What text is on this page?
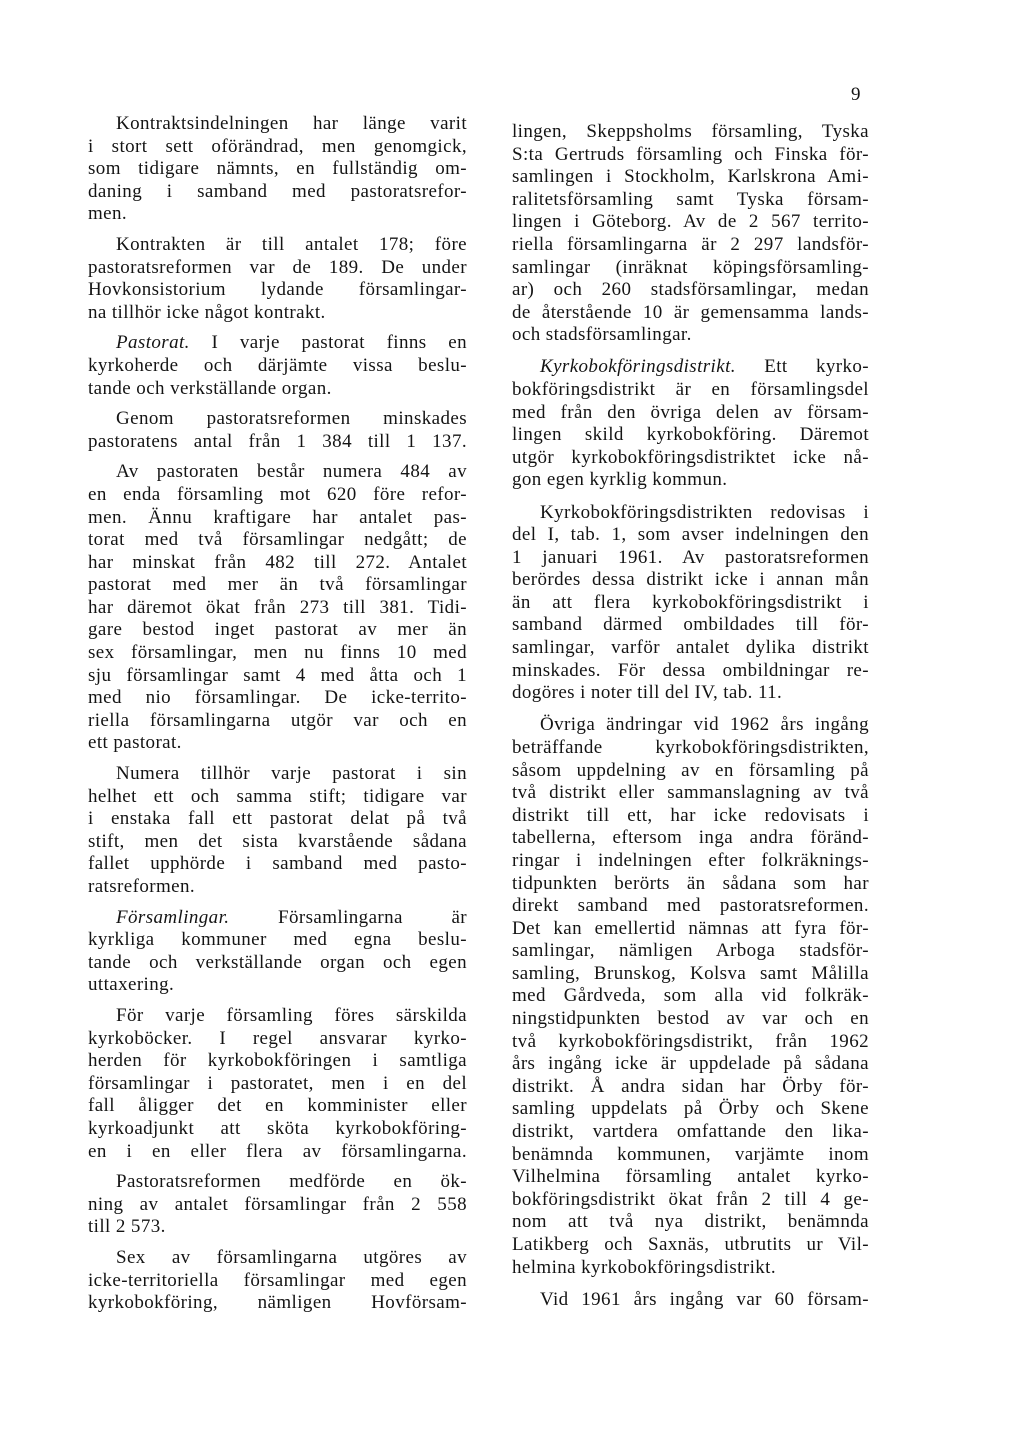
9
Kontraktsindelningen har länge varit
i stort sett oförändrad, men genomgick,
som tidigare nämnts, en fullständig om-
daning i samband med pastoratsrefor-
men.
Kontrakten är till antalet 178; före
pastoratsreformen var de 189. De under
Hovkonsistorium lydande församlingar-
na tillhör icke något kontrakt.
Pastorat. I varje pastorat finns en
kyrkoherde och därjämte vissa beslu-
tande och verkställande organ.
Genom pastoratsreformen minskades
pastoratens antal från 1 384 till 1 137.
Av pastoraten består numera 484 av
en enda församling mot 620 före refor-
men. Ännu kraftigare har antalet pas-
torat med två församlingar nedgått; de
har minskat från 482 till 272. Antalet
pastorat med mer än två församlingar
har däremot ökat från 273 till 381. Tidi-
gare bestod inget pastorat av mer än
sex församlingar, men nu finns 10 med
sju församlingar samt 4 med åtta och 1
med nio församlingar. De icke-territo-
riella församlingarna utgör var och en
ett pastorat.
Numera tillhör varje pastorat i sin
helhet ett och samma stift; tidigare var
i enstaka fall ett pastorat delat på två
stift, men det sista kvarstående sådana
fallet upphörde i samband med pasto-
ratsreformen.
Församlingar.	Församlingarna är
kyrkliga kommuner med egna beslu-
tande och verkställande organ och egen
uttaxering.
För varje församling föres särskilda
kyrkoböcker. I regel ansvarar kyrko-
herden för kyrkobokföringen i samtliga
församlingar i pastoratet, men i en del
fall åligger det en komminister eller
kyrkoadjunkt att sköta kyrkobokföring-
en i en eller flera av församlingarna.
Pastoratsreformen medförde en ök-
ning av antalet församlingar från 2 558
till 2 573.
Sex av församlingarna utgöres av
icke-territoriella församlingar med egen
kyrkobokföring, nämligen Hovförsam-
lingen, Skeppsholms församling, Tyska
S:ta Gertruds församling och Finska för-
samlingen i Stockholm, Karlskrona Ami-
ralitetsförsamling samt Tyska försam-
lingen i Göteborg. Av de 2 567 territo-
riella församlingarna är 2 297 landsför-
samlingar (inräknat köpingsförsamling-
ar) och 260 stadsförsamlingar, medan
de återstående 10 är gemensamma lands-
och stadsförsamlingar.
Kyrkobokföringsdistrikt. Ett kyrko-
bokföringsdistrikt är en församlingsdel
med från den övriga delen av försam-
lingen skild kyrkobokföring. Däremot
utgör kyrkobokföringsdistriktet icke nå-
gon egen kyrklig kommun.
Kyrkobokföringsdistrikten redovisas i
del I, tab. 1, som avser indelningen den
1 januari 1961. Av pastoratsreformen
berördes dessa distrikt icke i annan mån
än att flera kyrkobokföringsdistrikt i
samband därmed ombildades till för-
samlingar, varför antalet dylika distrikt
minskades. För dessa ombildningar re-
dogöres i noter till del IV, tab. 11.
Övriga ändringar vid 1962 års ingång
beträffande kyrkobokföringsdistrikten,
såsom uppdelning av en församling på
två distrikt eller sammanslagning av två
distrikt till ett, har icke redovisats i
tabellerna, eftersom inga andra föränd-
ringar i indelningen efter folkräknings-
tidpunkten berörts än sådana som har
direkt samband med pastoratsreformen.
Det kan emellertid nämnas att fyra för-
samlingar, nämligen Arboga stadsför-
samling, Brunskog, Kolsva samt Målilla
med Gårdveda, som alla vid folkräk-
ningstidpunkten bestod av var och en
två kyrkobokföringsdistrikt, från 1962
års ingång icke är uppdelade på sådana
distrikt. Å andra sidan har Örby för-
samling uppdelats på Örby och Skene
distrikt, vartdera omfattande den lika-
benämnda kommunen, varjämte inom
Vilhelmina församling antalet kyrko-
bokföringsdistrikt ökat från 2 till 4 ge-
nom att två nya distrikt, benämnda
Latikberg och Saxnäs, utbrutits ur Vil-
helmina kyrkobokföringsdistrikt.
Vid 1961 års ingång var 60 försam-
